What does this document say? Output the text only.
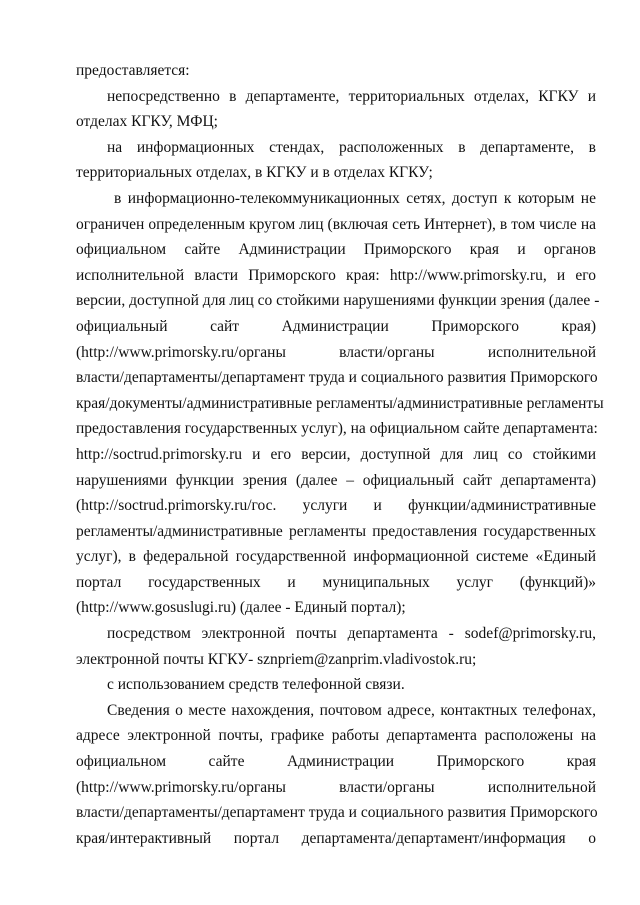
предоставляется:
непосредственно в департаменте, территориальных отделах, КГКУ и
отделах КГКУ, МФЦ;
на информационных стендах, расположенных в департаменте, в
территориальных отделах, в КГКУ и в отделах КГКУ;
в информационно-телекоммуникационных сетях, доступ к которым не
ограничен определенным кругом лиц (включая сеть Интернет), в том числе на
официальном сайте Администрации Приморского края и органов
исполнительной власти Приморского края: http://www.primorsky.ru, и его
версии, доступной для лиц со стойкими нарушениями функции зрения (далее -
официальный сайт Администрации Приморского края)
(http://www.primorsky.ru/органы власти/органы исполнительной
власти/департаменты/департамент труда и социального развития Приморского
края/документы/административные регламенты/административные регламенты
предоставления государственных услуг), на официальном сайте департамента:
http://soctrud.primorsky.ru и его версии, доступной для лиц со стойкими
нарушениями функции зрения (далее – официальный сайт департамента)
(http://soctrud.primorsky.ru/гос. услуги и функции/административные
регламенты/административные регламенты предоставления государственных
услуг), в федеральной государственной информационной системе «Единый
портал государственных и муниципальных услуг (функций)»
(http://www.gosuslugi.ru) (далее - Единый портал);
посредством электронной почты департамента - sodef@primorsky.ru,
электронной почты КГКУ- sznpriem@zanprim.vladivostok.ru;
с использованием средств телефонной связи.
Сведения о месте нахождения, почтовом адресе, контактных телефонах,
адресе электронной почты, графике работы департамента расположены на
официальном сайте Администрации Приморского края
(http://www.primorsky.ru/органы власти/органы исполнительной
власти/департаменты/департамент труда и социального развития Приморского
края/интерактивный портал департамента/департамент/информация о
